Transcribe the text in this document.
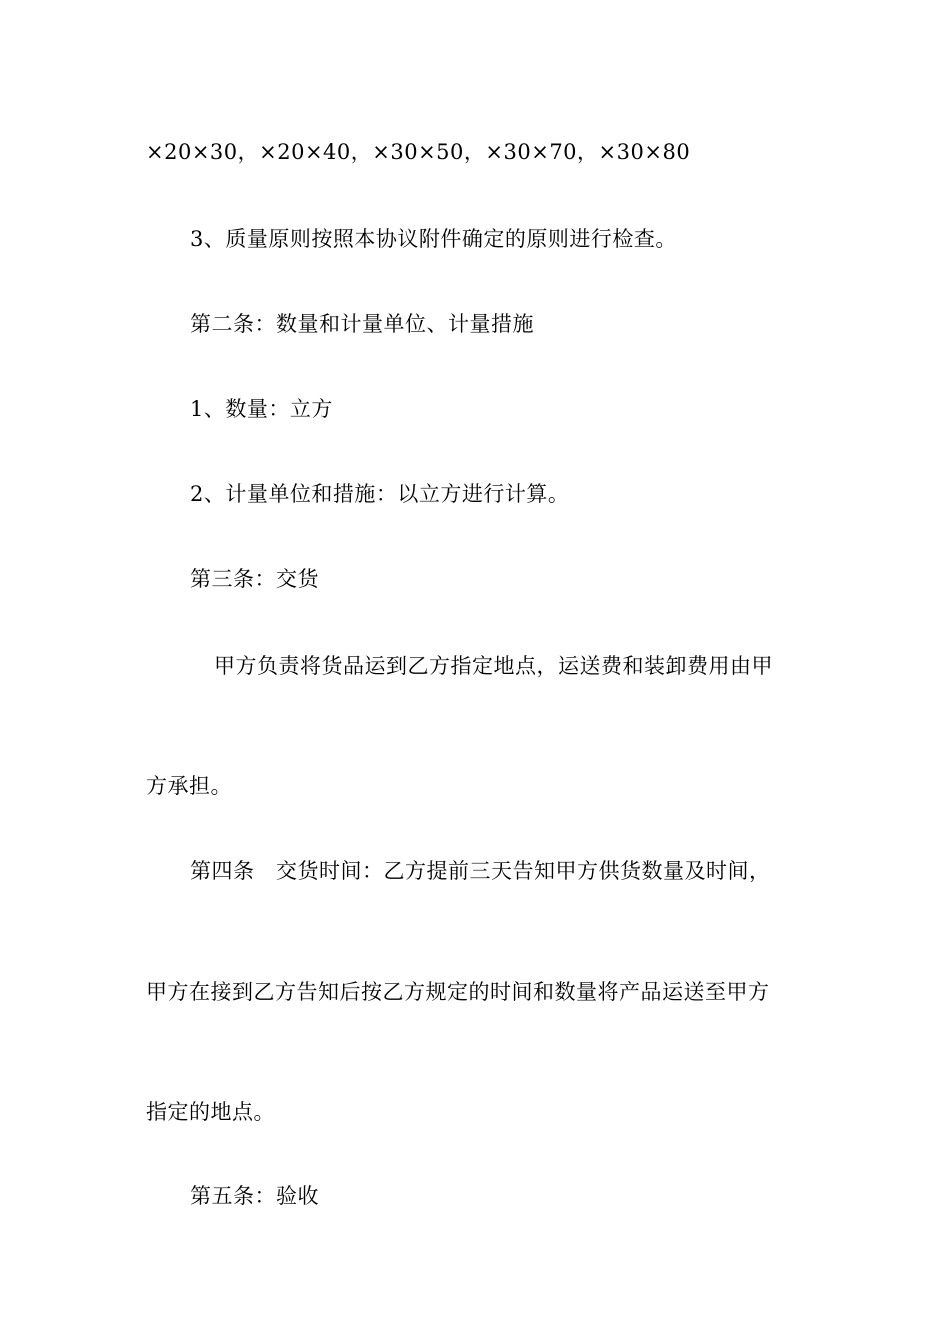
×20×30，×20×40，×30×50，×30×70，×30×80
3、质量原则按照本协议附件确定的原则进行检查。
第二条：数量和计量单位、计量措施
1、数量：立方
2、计量单位和措施：以立方进行计算。
第三条：交货
甲方负责将货品运到乙方指定地点，运送费和装卸费用由甲
方承担。
第四条　交货时间：乙方提前三天告知甲方供货数量及时间，
甲方在接到乙方告知后按乙方规定的时间和数量将产品运送至甲方
指定的地点。
第五条：验收
